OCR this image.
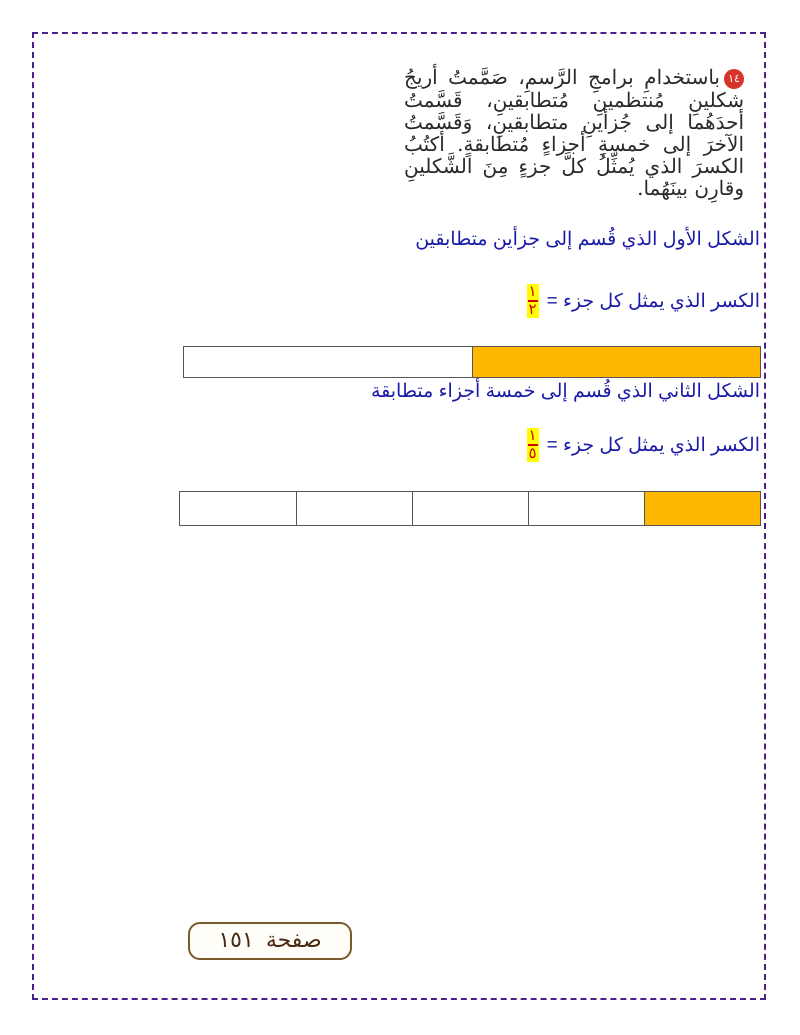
١٤باستخدامِ برامجِ الرَّسمِ، صَمَّمتُ أريجُ شكلينِ مُنتظمينِ مُتطابقينِ، قَسَّمتُ أحدَهُما إلى جُزأينِ متطابقينِ، وَقَسَّمتُ الآخرَ إلى خمسةِ أجزاءٍ مُتطابقةٍ. أكتُبُ الكسرَ الذي يُمثِّلُ كلَّ جزءٍ مِنَ الشَّكلينِ وقارِن بينَهُما.
الشكل الأول الذي قُسم إلى جزأين متطابقين
الكسر الذي يمثل كل جزء =
$\frac{١}{٢}$
الشكل الثاني الذي قُسم إلى خمسة أجزاء متطابقة
الكسر الذي يمثل كل جزء =
$\frac{١}{٥}$
صفحة١٥١
